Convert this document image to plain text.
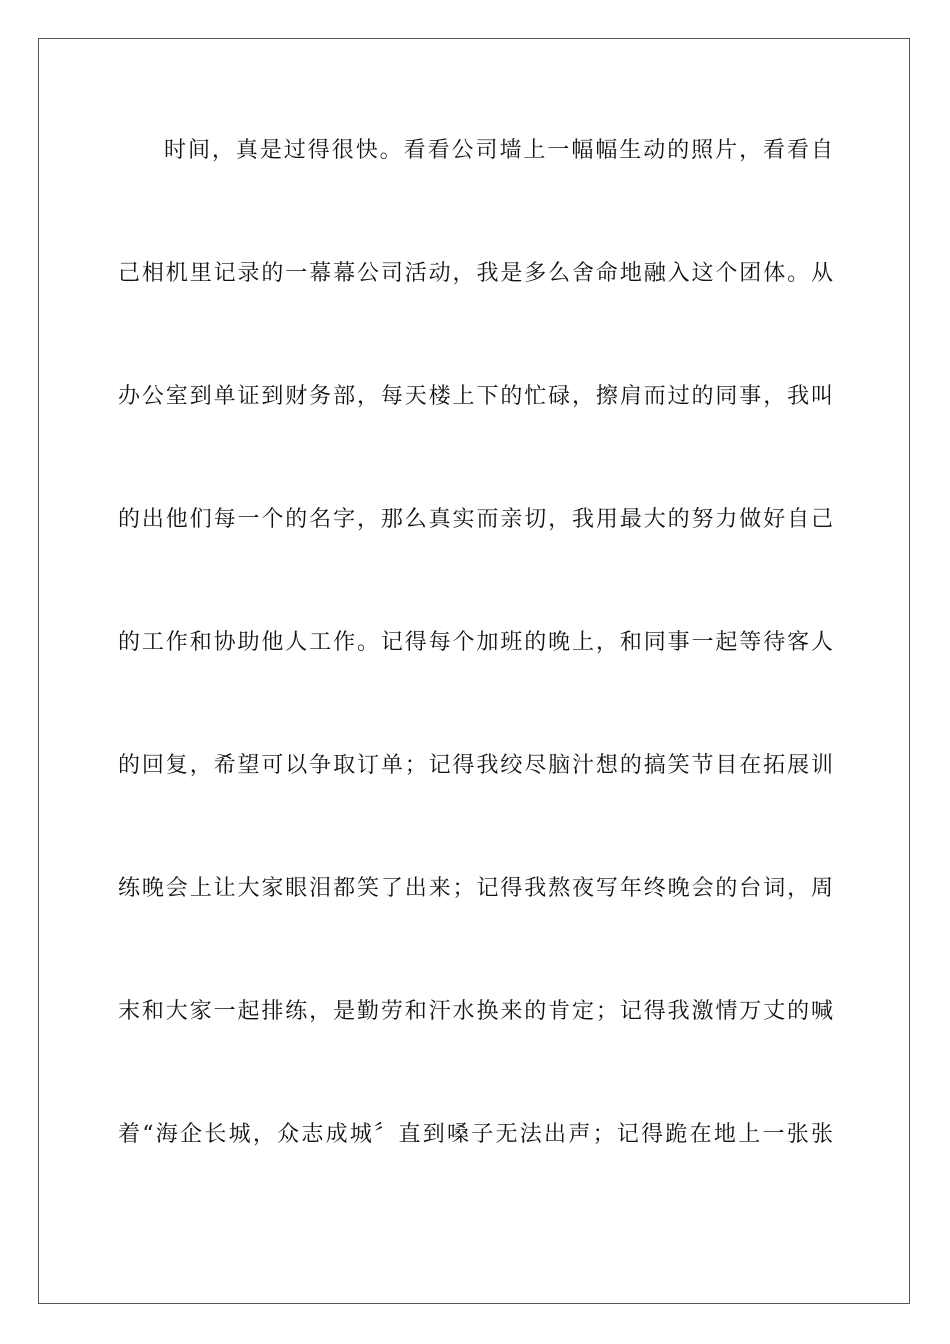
时间，真是过得很快。看看公司墙上一幅幅生动的照片，看看自
己相机里记录的一幕幕公司活动，我是多么舍命地融入这个团体。从
办公室到单证到财务部，每天楼上下的忙碌，擦肩而过的同事，我叫
的出他们每一个的名字，那么真实而亲切，我用最大的努力做好自己
的工作和协助他人工作。记得每个加班的晚上，和同事一起等待客人
的回复，希望可以争取订单；记得我绞尽脑汁想的搞笑节目在拓展训
练晚会上让大家眼泪都笑了出来；记得我熬夜写年终晚会的台词，周
末和大家一起排练，是勤劳和汗水换来的肯定；记得我激情万丈的喊
着“海企长城，众志成城〞直到嗓子无法出声；记得跪在地上一张张
